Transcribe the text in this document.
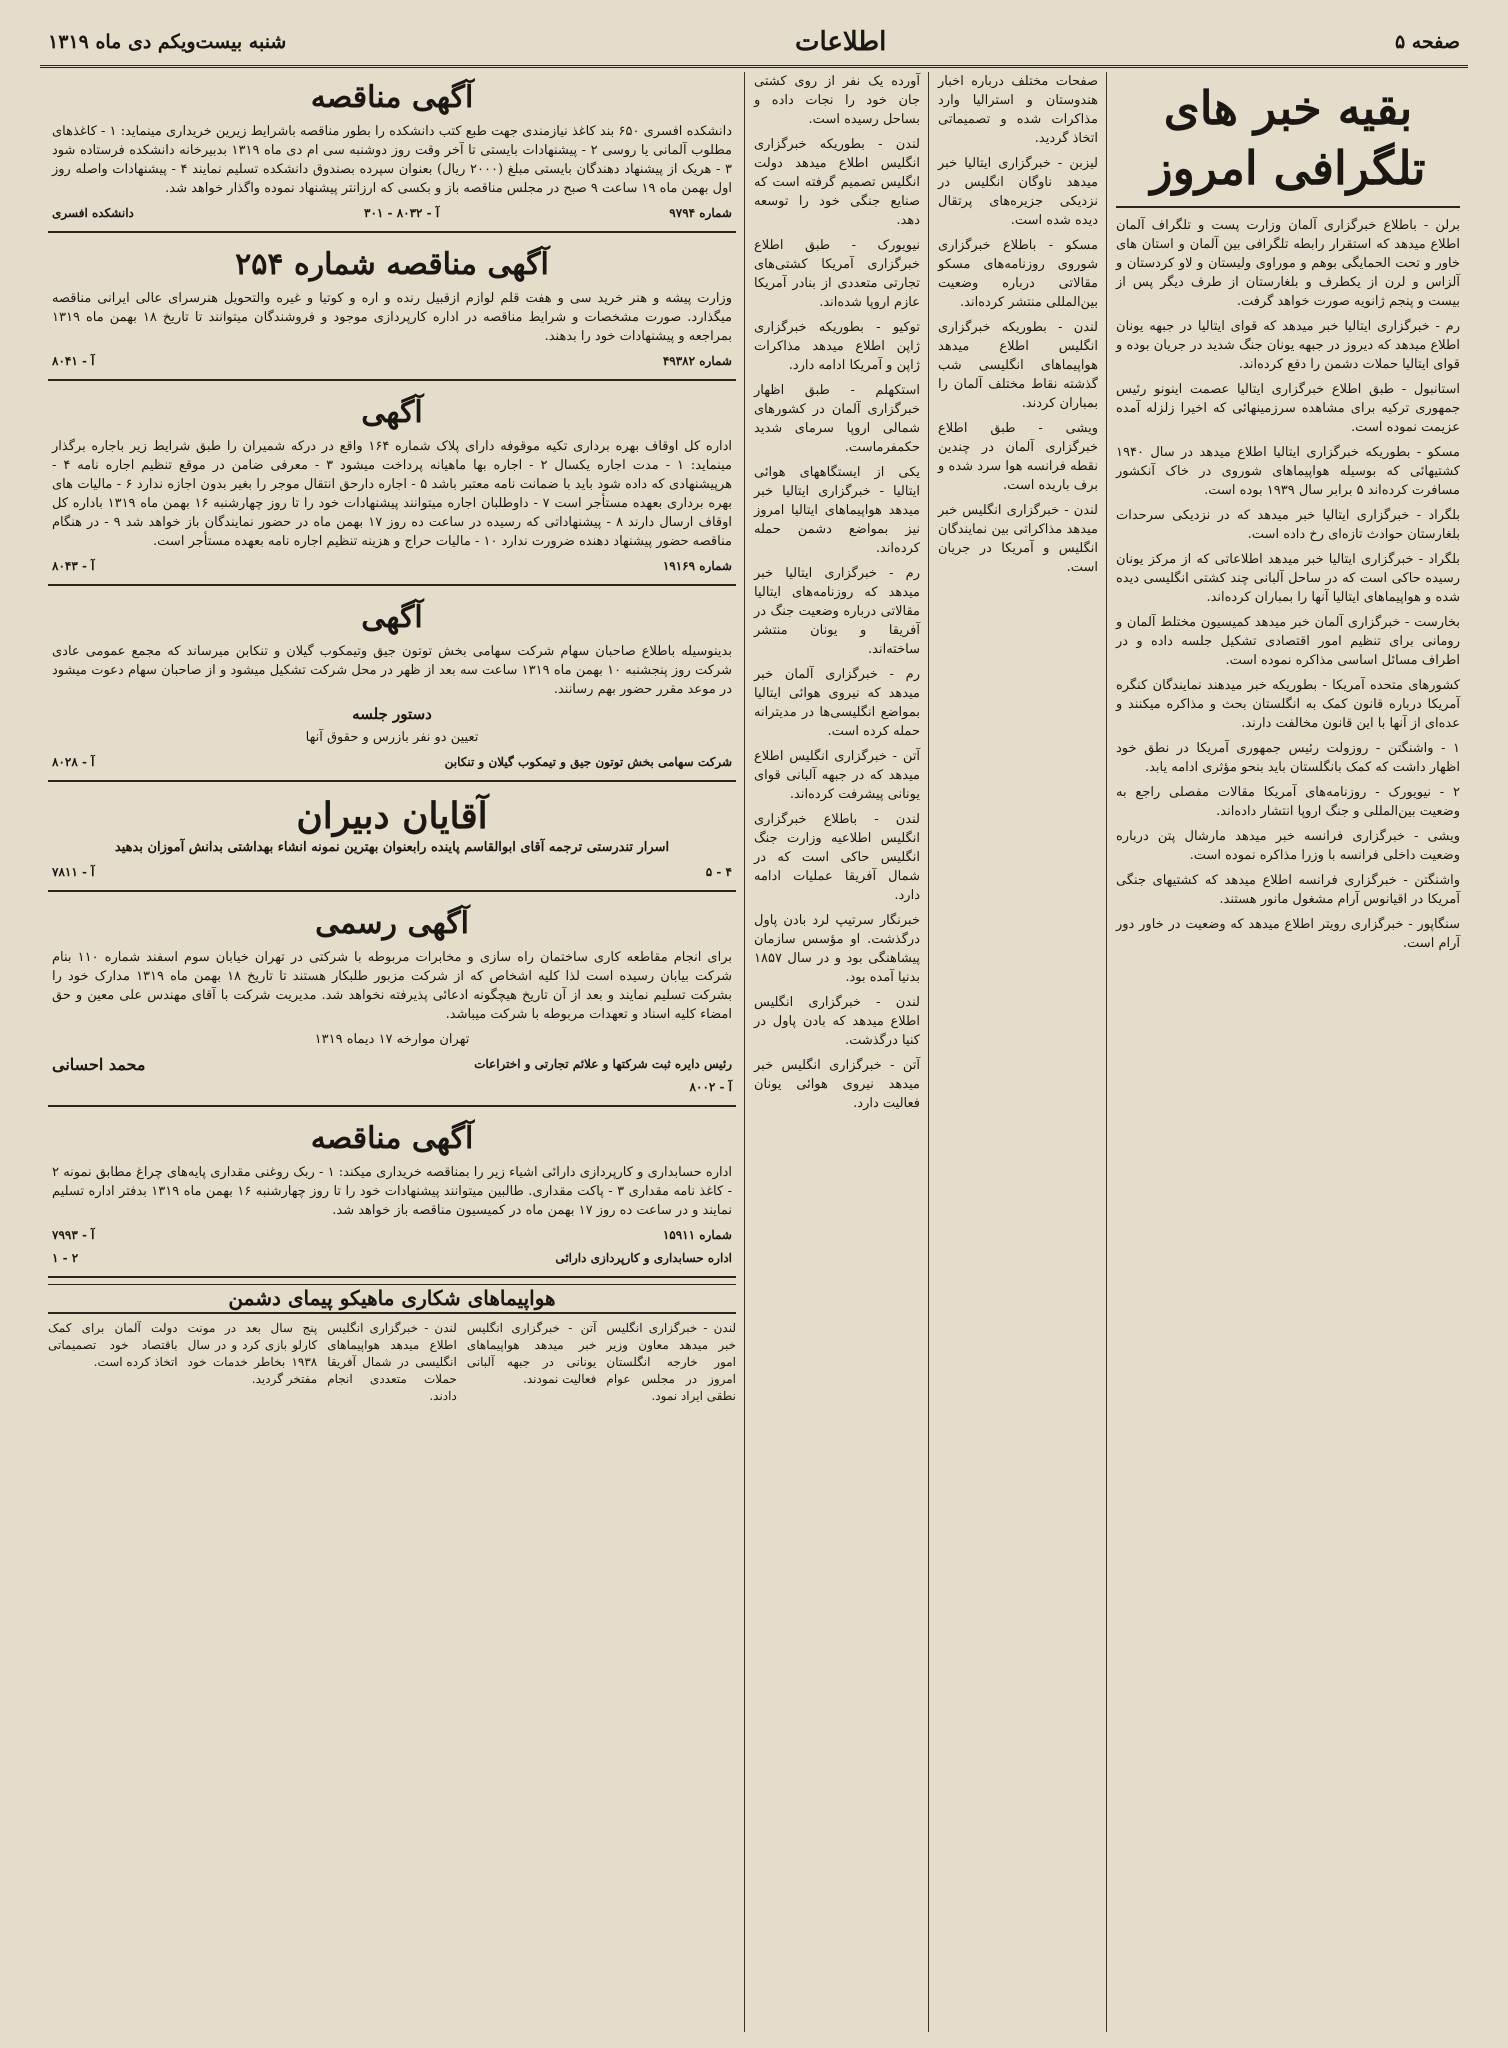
صفحه ۵
اطلاعات
شنبه بیست‌ویکم دی ماه ۱۳۱۹
بقیه خبر های تلگرافی امروز
برلن - باطلاع خبرگزاری آلمان وزارت پست و تلگراف آلمان اطلاع میدهد که استقرار رابطه تلگرافی بین آلمان و استان های خاور و تحت الحمایگی بوهم و موراوی ولیستان و لاو کردستان و آلزاس و لرن از یکطرف و بلغارستان از طرف دیگر پس از بیست و پنجم ژانویه صورت خواهد گرفت.
رم - خبرگزاری ایتالیا خبر میدهد که قوای ایتالیا در جبهه یونان اطلاع میدهد که دیروز در جبهه یونان جنگ شدید در جریان بوده و قوای ایتالیا حملات دشمن را دفع کرده‌اند.
استانبول - طبق اطلاع خبرگزاری ایتالیا عصمت اینونو رئیس جمهوری ترکیه برای مشاهده سرزمینهائی که اخیرا زلزله آمده عزیمت نموده است.
مسکو - بطوریکه خبرگزاری ایتالیا اطلاع میدهد در سال ۱۹۴۰ کشتیهائی که بوسیله هواپیماهای شوروی در خاک آنکشور مسافرت کرده‌اند ۵ برابر سال ۱۹۳۹ بوده است.
بلگراد - خبرگزاری ایتالیا خبر میدهد که در نزدیکی سرحدات بلغارستان حوادث تازه‌ای رخ داده است.
بلگراد - خبرگزاری ایتالیا خبر میدهد اطلاعاتی که از مرکز یونان رسیده حاکی است که در ساحل آلبانی چند کشتی انگلیسی دیده شده و هواپیماهای ایتالیا آنها را بمباران کرده‌اند.
بخارست - خبرگزاری آلمان خبر میدهد کمیسیون مختلط آلمان و رومانی برای تنظیم امور اقتصادی تشکیل جلسه داده و در اطراف مسائل اساسی مذاکره نموده است.
کشورهای متحده آمریکا - بطوریکه خبر میدهند نمایندگان کنگره آمریکا درباره قانون کمک به انگلستان بحث و مذاکره میکنند و عده‌ای از آنها با این قانون مخالفت دارند.
۱ - واشنگتن - روزولت رئیس جمهوری آمریکا در نطق خود اظهار داشت که کمک بانگلستان باید بنحو مؤثری ادامه یابد.
۲ - نیویورک - روزنامه‌های آمریکا مقالات مفصلی راجع به وضعیت بین‌المللی و جنگ اروپا انتشار داده‌اند.
ویشی - خبرگزاری فرانسه خبر میدهد مارشال پتن درباره وضعیت داخلی فرانسه با وزرا مذاکره نموده است.
واشنگتن - خبرگزاری فرانسه اطلاع میدهد که کشتیهای جنگی آمریکا در اقیانوس آرام مشغول مانور هستند.
سنگاپور - خبرگزاری رویتر اطلاع میدهد که وضعیت در خاور دور آرام است.
صفحات مختلف درباره اخبار هندوستان و استرالیا وارد مذاکرات شده و تصمیماتی اتخاذ گردید.
لیزبن - خبرگزاری ایتالیا خبر میدهد ناوگان انگلیس در نزدیکی جزیره‌های پرتقال دیده شده است.
مسکو - باطلاع خبرگزاری شوروی روزنامه‌های مسکو مقالاتی درباره وضعیت بین‌المللی منتشر کرده‌اند.
لندن - بطوریکه خبرگزاری انگلیس اطلاع میدهد هواپیماهای انگلیسی شب گذشته نقاط مختلف آلمان را بمباران کردند.
ویشی - طبق اطلاع خبرگزاری آلمان در چندین نقطه فرانسه هوا سرد شده و برف باریده است.
لندن - خبرگزاری انگلیس خبر میدهد مذاکراتی بین نمایندگان انگلیس و آمریکا در جریان است.
آورده یک نفر از روی کشتی جان خود را نجات داده و بساحل رسیده است.
لندن - بطوریکه خبرگزاری انگلیس اطلاع میدهد دولت انگلیس تصمیم گرفته است که صنایع جنگی خود را توسعه دهد.
نیویورک - طبق اطلاع خبرگزاری آمریکا کشتی‌های تجارتی متعددی از بنادر آمریکا عازم اروپا شده‌اند.
توکیو - بطوریکه خبرگزاری ژاپن اطلاع میدهد مذاکرات ژاپن و آمریکا ادامه دارد.
استکهلم - طبق اظهار خبرگزاری آلمان در کشورهای شمالی اروپا سرمای شدید حکمفرماست.
یکی از ایستگاههای هوائی ایتالیا - خبرگزاری ایتالیا خبر میدهد هواپیماهای ایتالیا امروز نیز بمواضع دشمن حمله کرده‌اند.
رم - خبرگزاری ایتالیا خبر میدهد که روزنامه‌های ایتالیا مقالاتی درباره وضعیت جنگ در آفریقا و یونان منتشر ساخته‌اند.
رم - خبرگزاری آلمان خبر میدهد که نیروی هوائی ایتالیا بمواضع انگلیسی‌ها در مدیترانه حمله کرده است.
آتن - خبرگزاری انگلیس اطلاع میدهد که در جبهه آلبانی قوای یونانی پیشرفت کرده‌اند.
لندن - باطلاع خبرگزاری انگلیس اطلاعیه وزارت جنگ انگلیس حاکی است که در شمال آفریقا عملیات ادامه دارد.
خبرنگار سرتیپ لرد بادن پاول درگذشت. او مؤسس سازمان پیشاهنگی بود و در سال ۱۸۵۷ بدنیا آمده بود.
لندن - خبرگزاری انگلیس اطلاع میدهد که بادن پاول در کنیا درگذشت.
آتن - خبرگزاری انگلیس خبر میدهد نیروی هوائی یونان فعالیت دارد.
آگهی مناقصه
دانشکده افسری ۶۵۰ بند کاغذ نیازمندی جهت طبع کتب دانشکده را بطور مناقصه باشرایط زیرین خریداری مینماید: ۱ - کاغذهای مطلوب آلمانی یا روسی ۲ - پیشنهادات بایستی تا آخر وقت روز دوشنبه سی ام دی ماه ۱۳۱۹ بدبیرخانه دانشکده فرستاده شود ۳ - هریک از پیشنهاد دهندگان بایستی مبلغ (۲۰۰۰ ریال) بعنوان سپرده بصندوق دانشکده تسلیم نمایند ۴ - پیشنهادات واصله روز اول بهمن ماه ۱۹ ساعت ۹ صبح در مجلس مناقصه باز و بکسی که ارزانتر پیشنهاد نموده واگذار خواهد شد.
شماره ۹۷۹۴
آ - ۸۰۳۲ - ۳۰۱
دانشکده افسری
آگهی مناقصه شماره ۲۵۴
وزارت پیشه و هنر خرید سی و هفت قلم لوازم ازقبیل رنده و اره و کوتیا و غیره والتحویل هنرسرای عالی ایرانی مناقصه میگذارد. صورت مشخصات و شرایط مناقصه در اداره کارپردازی موجود و فروشندگان میتوانند تا تاریخ ۱۸ بهمن ماه ۱۳۱۹ بمراجعه و پیشنهادات خود را بدهند.
شماره ۴۹۳۸۲
آ - ۸۰۴۱
آگهی
اداره کل اوقاف بهره برداری تکیه موقوفه دارای پلاک شماره ۱۶۴ واقع در درکه شمیران را طبق شرایط زیر باجاره برگذار مینماید: ۱ - مدت اجاره یکسال ۲ - اجاره بها ماهیانه پرداخت میشود ۳ - معرفی ضامن در موقع تنظیم اجاره نامه ۴ - هرپیشنهادی که داده شود باید با ضمانت نامه معتبر باشد ۵ - اجاره دارحق انتقال موجر را بغیر بدون اجازه ندارد ۶ - مالیات های بهره برداری بعهده مستأجر است ۷ - داوطلبان اجاره میتوانند پیشنهادات خود را تا روز چهارشنبه ۱۶ بهمن ماه ۱۳۱۹ باداره کل اوقاف ارسال دارند ۸ - پیشنهاداتی که رسیده در ساعت ده روز ۱۷ بهمن ماه در حضور نمایندگان باز خواهد شد ۹ - در هنگام مناقصه حضور پیشنهاد دهنده ضرورت ندارد ۱۰ - مالیات حراج و هزینه تنظیم اجاره نامه بعهده مستأجر است.
شماره ۱۹۱۶۹
آ - ۸۰۴۳
آگهی
بدینوسیله باطلاع صاحبان سهام شرکت سهامی بخش توتون جیق وتیمکوب گیلان و تنکابن میرساند که مجمع عمومی عادی شرکت روز پنجشنبه ۱۰ بهمن ماه ۱۳۱۹ ساعت سه بعد از ظهر در محل شرکت تشکیل میشود و از صاحبان سهام دعوت میشود در موعد مقرر حضور بهم رسانند.
دستور جلسه
تعیین دو نفر بازرس و حقوق آنها
شرکت سهامی بخش توتون جیق و تیمکوب گیلان و تنکابن
آ - ۸۰۲۸
آقایان دبیران
اسرار تندرستی ترجمه آقای ابوالقاسم پاینده رابعنوان بهترین نمونه انشاء بهداشتی بدانش آموزان بدهید
۴ - ۵
آ - ۷۸۱۱
آگهی رسمی
برای انجام مقاطعه کاری ساختمان راه سازی و مخابرات مربوطه با شرکتی در تهران خیابان سوم اسفند شماره ۱۱۰ بنام شرکت بیابان رسیده است لذا کلیه اشخاص که از شرکت مزبور طلبکار هستند تا تاریخ ۱۸ بهمن ماه ۱۳۱۹ مدارک خود را بشرکت تسلیم نمایند و بعد از آن تاریخ هیچگونه ادعائی پذیرفته نخواهد شد. مدیریت شرکت با آقای مهندس علی معین و حق امضاء کلیه اسناد و تعهدات مربوطه با شرکت میباشد.
تهران موارخه ۱۷ دیماه ۱۳۱۹
رئیس دایره ثبت شرکتها و علائم تجارتی و اختراعات
محمد احسانی
آ - ۸۰۰۲
آگهی مناقصه
اداره حسابداری و کارپردازی دارائی اشیاء زیر را بمناقصه خریداری میکند: ۱ - ربک روغنی مقداری پایه‌های چراغ مطابق نمونه ۲ - کاغذ نامه مقداری ۳ - پاکت مقداری. طالبین میتوانند پیشنهادات خود را تا روز چهارشنبه ۱۶ بهمن ماه ۱۳۱۹ بدفتر اداره تسلیم نمایند و در ساعت ده روز ۱۷ بهمن ماه در کمیسیون مناقصه باز خواهد شد.
شماره ۱۵۹۱۱
آ - ۷۹۹۳
اداره حسابداری و کارپردازی دارائی
۲ - ۱
هواپیماهای شکاری ماهیکو پیمای دشمن
لندن - خبرگزاری انگلیس خبر میدهد معاون وزیر امور خارجه انگلستان امروز در مجلس عوام نطقی ایراد نمود.
آتن - خبرگزاری انگلیس خبر میدهد هواپیماهای یونانی در جبهه آلبانی فعالیت نمودند.
لندن - خبرگزاری انگلیس اطلاع میدهد هواپیماهای انگلیسی در شمال آفریقا حملات متعددی انجام دادند.
پنج سال بعد در مونت کارلو بازی کرد و در سال ۱۹۳۸ بخاطر خدمات خود مفتخر گردید.
دولت آلمان برای کمک باقتصاد خود تصمیماتی اتخاذ کرده است.
